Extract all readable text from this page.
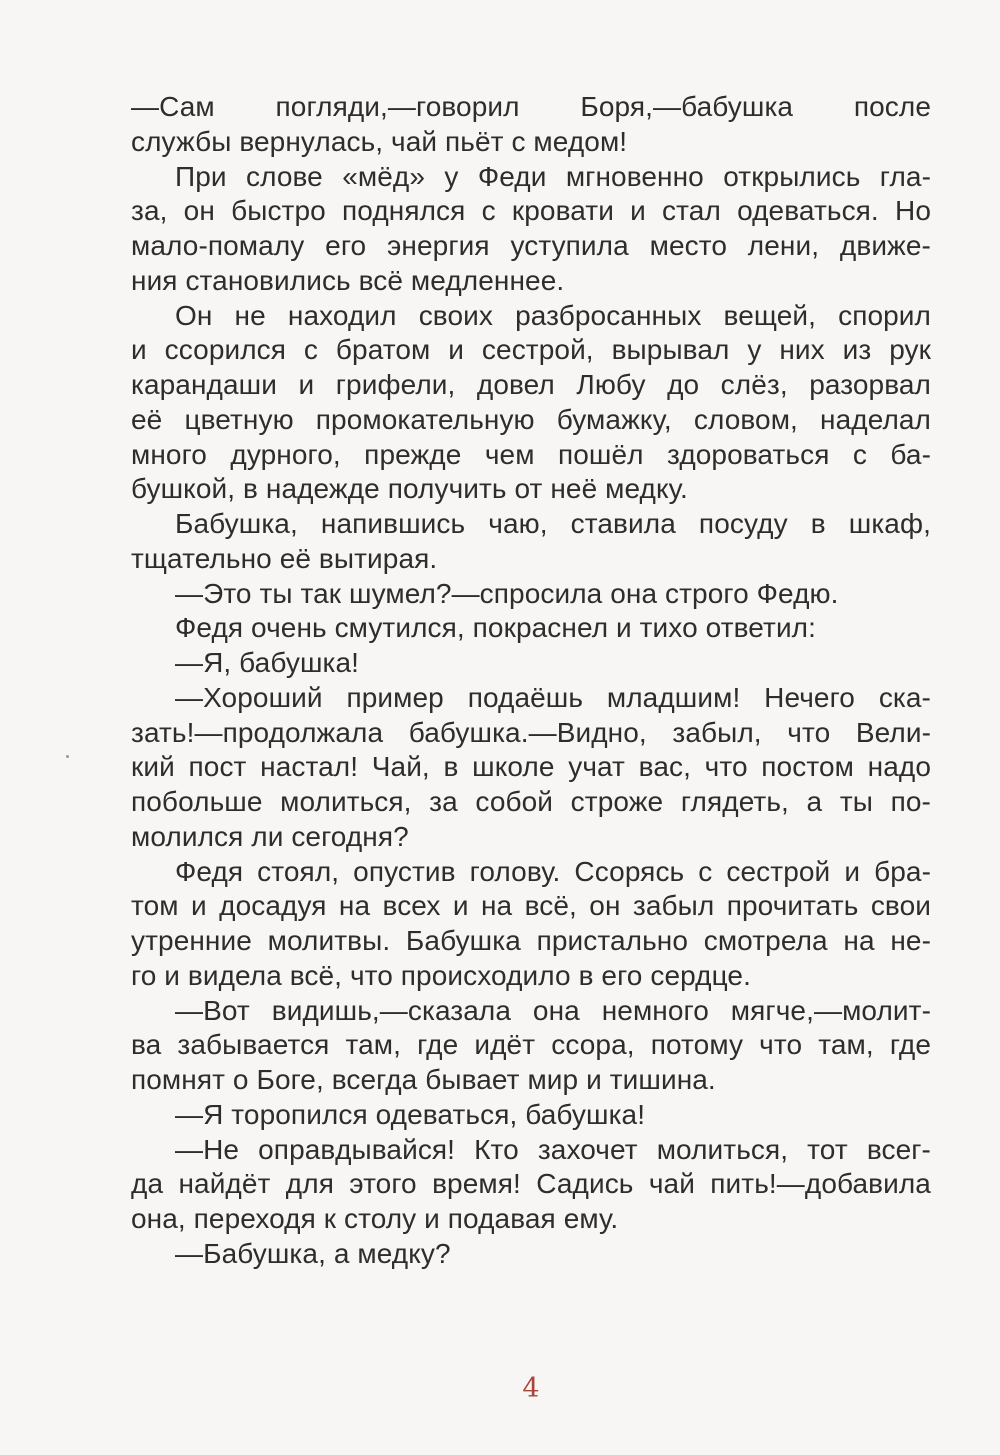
—Сам погляди,—говорил Боря,—бабушка после
службы вернулась, чай пьёт с медом!
При слове «мёд» у Феди мгновенно открылись гла-
за, он быстро поднялся с кровати и стал одеваться. Но
мало-помалу его энергия уступила место лени, движе-
ния становились всё медленнее.
Он не находил своих разбросанных вещей, спорил
и ссорился с братом и сестрой, вырывал у них из рук
карандаши и грифели, довел Любу до слёз, разорвал
её цветную промокательную бумажку, словом, наделал
много дурного, прежде чем пошёл здороваться с ба-
бушкой, в надежде получить от неё медку.
Бабушка, напившись чаю, ставила посуду в шкаф,
тщательно её вытирая.
—Это ты так шумел?—спросила она строго Федю.
Федя очень смутился, покраснел и тихо ответил:
—Я, бабушка!
—Хороший пример подаёшь младшим! Нечего ска-
зать!—продолжала бабушка.—Видно, забыл, что Вели-
кий пост настал! Чай, в школе учат вас, что постом надо
побольше молиться, за собой строже глядеть, а ты по-
молился ли сегодня?
Федя стоял, опустив голову. Ссорясь с сестрой и бра-
том и досадуя на всех и на всё, он забыл прочитать свои
утренние молитвы. Бабушка пристально смотрела на не-
го и видела всё, что происходило в его сердце.
—Вот видишь,—сказала она немного мягче,—молит-
ва забывается там, где идёт ссора, потому что там, где
помнят о Боге, всегда бывает мир и тишина.
—Я торопился одеваться, бабушка!
—Не оправдывайся! Кто захочет молиться, тот всег-
да найдёт для этого время! Садись чай пить!—добавила
она, переходя к столу и подавая ему.
—Бабушка, а медку?
4
